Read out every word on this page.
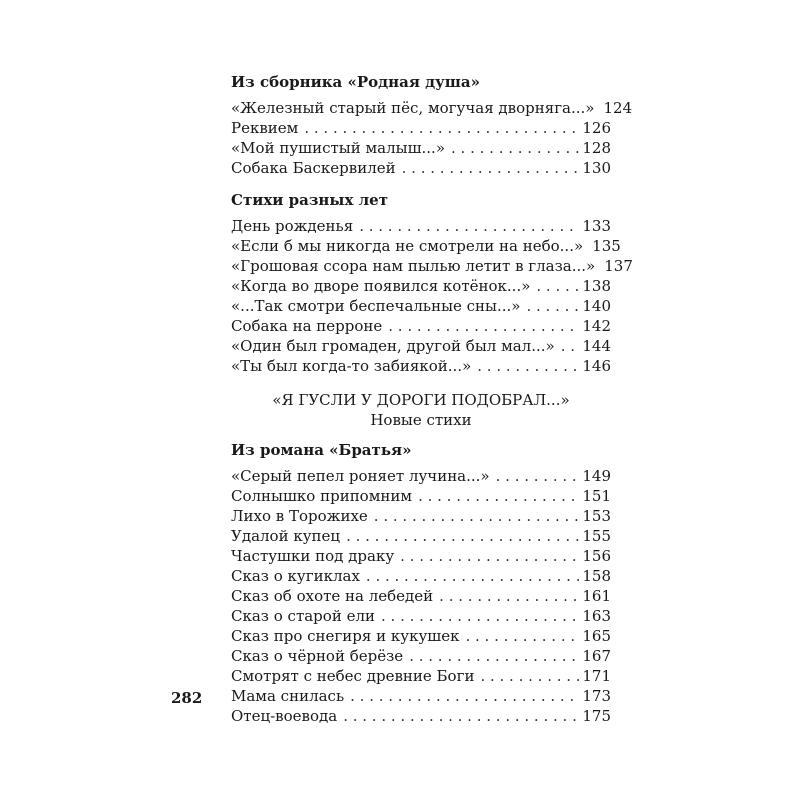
Из сборника «Родная душа»

«Железный старый пёс, могучая дворняга...» 124
Реквием . . .	126
«Мой пушистый малыш...» . . .	128
Собака Баскервилей . . .	130

Стихи разных лет

День рожденья . . .	133
«Если б мы никогда не смотрели на небо...» 135
«Грошовая ссора нам пылью летит в глаза...» 137
«Когда во дворе появился котёнок...» . . .	138
«...Так смотри беспечальные сны...» . . .	140
Собака на перроне . . .	142
«Один был громаден, другой был мал...» . . . 144
«Ты был когда-то забиякой...» . . .	146
«Я ГУСЛИ У ДОРОГИ ПОДОБРАЛ...»
Новые стихи

Из романа «Братья»

«Серый пепел роняет лучина...» . . .	149
Солнышко припомним . . .	151
Лихо в Торожихе . . .	153
Удалой купец . . .	155
Частушки под драку . . .	156
Сказ о кугиклах . . .	158
Сказ об охоте на лебедей . . .	161
Сказ о старой ели . . .	163
Сказ про снегиря и кукушек . . .	165
Сказ о чёрной берёзе . . .	167
Смотрят с небес древние Боги . . .	171
Мама снилась . . .	173
Отец-воевода . . .	175
282
